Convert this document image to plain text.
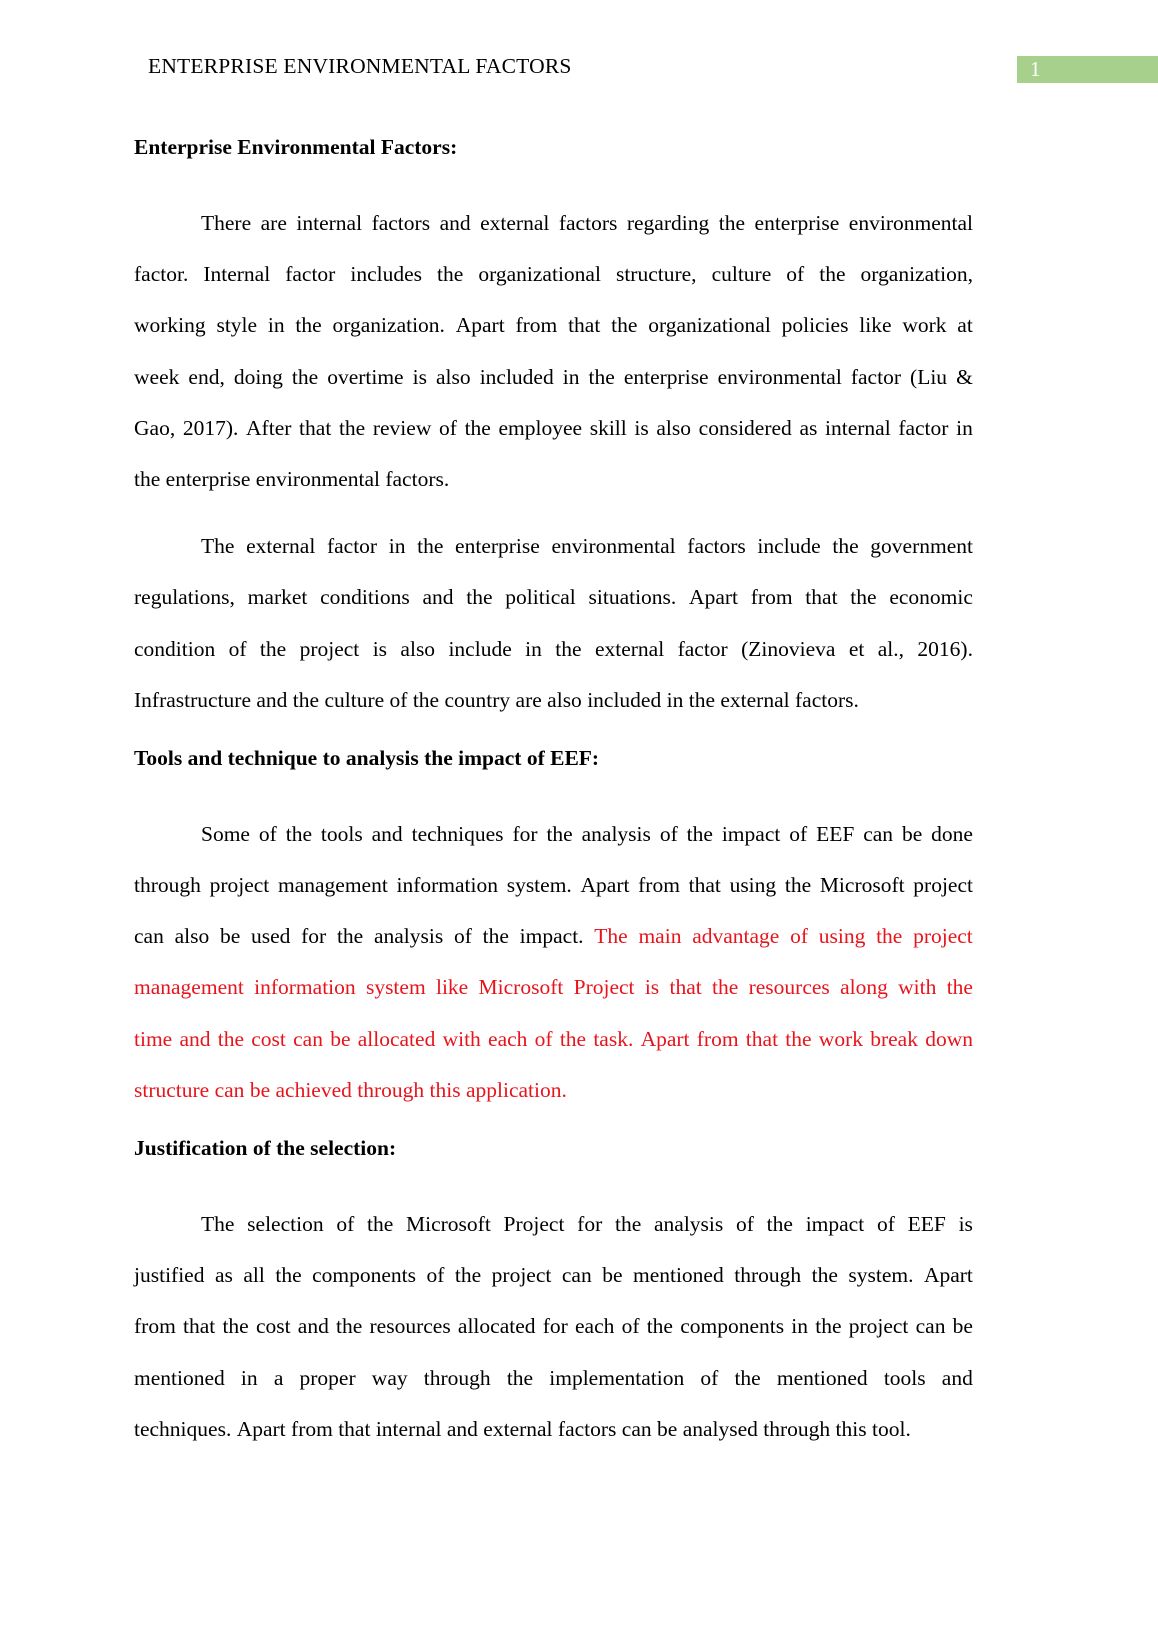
ENTERPRISE ENVIRONMENTAL FACTORS	1
Enterprise Environmental Factors:
There are internal factors and external factors regarding the enterprise environmental
factor. Internal factor includes the organizational structure, culture of the organization,
working style in the organization. Apart from that the organizational policies like work at
week end, doing the overtime is also included in the enterprise environmental factor (Liu &
Gao, 2017). After that the review of the employee skill is also considered as internal factor in
the enterprise environmental factors.
The external factor in the enterprise environmental factors include the government
regulations, market conditions and the political situations. Apart from that the economic
condition of the project is also include in the external factor (Zinovieva et al., 2016).
Infrastructure and the culture of the country are also included in the external factors.
Tools and technique to analysis the impact of EEF:
Some of the tools and techniques for the analysis of the impact of EEF can be done
through project management information system. Apart from that using the Microsoft project
can also be used for the analysis of the impact. The main advantage of using the project
management information system like Microsoft Project is that the resources along with the
time and the cost can be allocated with each of the task. Apart from that the work break down
structure can be achieved through this application.
Justification of the selection:
The selection of the Microsoft Project for the analysis of the impact of EEF is
justified as all the components of the project can be mentioned through the system. Apart
from that the cost and the resources allocated for each of the components in the project can be
mentioned in a proper way through the implementation of the mentioned tools and
techniques. Apart from that internal and external factors can be analysed through this tool.
